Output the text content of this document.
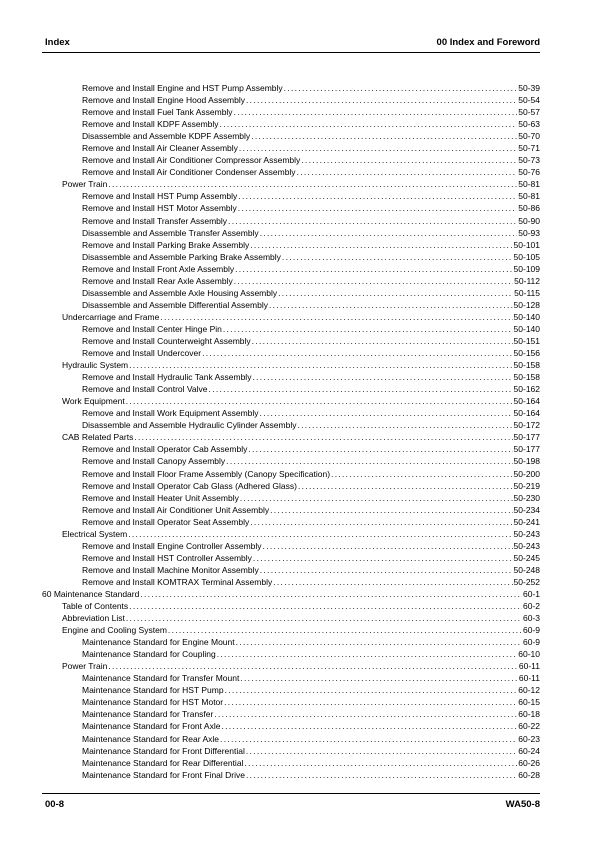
Index	00 Index and Foreword
Remove and Install Engine and HST Pump Assembly .....	50-39
Remove and Install Engine Hood Assembly .....	50-54
Remove and Install Fuel Tank Assembly .....	50-57
Remove and Install KDPF Assembly .....	50-63
Disassemble and Assemble KDPF Assembly .....	50-70
Remove and Install Air Cleaner Assembly .....	50-71
Remove and Install Air Conditioner Compressor Assembly .....	50-73
Remove and Install Air Conditioner Condenser Assembly .....	50-76
Power Train .....	50-81
Remove and Install HST Pump Assembly .....	50-81
Remove and Install HST Motor Assembly .....	50-86
Remove and Install Transfer Assembly .....	50-90
Disassemble and Assemble Transfer Assembly .....	50-93
Remove and Install Parking Brake Assembly .....	50-101
Disassemble and Assemble Parking Brake Assembly .....	50-105
Remove and Install Front Axle Assembly .....	50-109
Remove and Install Rear Axle Assembly .....	50-112
Disassemble and Assemble Axle Housing Assembly .....	50-115
Disassemble and Assemble Differential Assembly .....	50-128
Undercarriage and Frame .....	50-140
Remove and Install Center Hinge Pin .....	50-140
Remove and Install Counterweight Assembly .....	50-151
Remove and Install Undercover .....	50-156
Hydraulic System .....	50-158
Remove and Install Hydraulic Tank Assembly .....	50-158
Remove and Install Control Valve .....	50-162
Work Equipment .....	50-164
Remove and Install Work Equipment Assembly .....	50-164
Disassemble and Assemble Hydraulic Cylinder Assembly .....	50-172
CAB Related Parts .....	50-177
Remove and Install Operator Cab Assembly .....	50-177
Remove and Install Canopy Assembly .....	50-198
Remove and Install Floor Frame Assembly (Canopy Specification) .....	50-200
Remove and Install Operator Cab Glass (Adhered Glass) .....	50-219
Remove and Install Heater Unit Assembly .....	50-230
Remove and Install Air Conditioner Unit Assembly .....	50-234
Remove and Install Operator Seat Assembly .....	50-241
Electrical System .....	50-243
Remove and Install Engine Controller Assembly .....	50-243
Remove and Install HST Controller Assembly .....	50-245
Remove and Install Machine Monitor Assembly .....	50-248
Remove and Install KOMTRAX Terminal Assembly .....	50-252
60 Maintenance Standard .....	60-1
Table of Contents .....	60-2
Abbreviation List .....	60-3
Engine and Cooling System .....	60-9
Maintenance Standard for Engine Mount .....	60-9
Maintenance Standard for Coupling .....	60-10
Power Train .....	60-11
Maintenance Standard for Transfer Mount .....	60-11
Maintenance Standard for HST Pump .....	60-12
Maintenance Standard for HST Motor .....	60-15
Maintenance Standard for Transfer .....	60-18
Maintenance Standard for Front Axle .....	60-22
Maintenance Standard for Rear Axle .....	60-23
Maintenance Standard for Front Differential .....	60-24
Maintenance Standard for Rear Differential .....	60-26
Maintenance Standard for Front Final Drive .....	60-28
00-8	WA50-8
